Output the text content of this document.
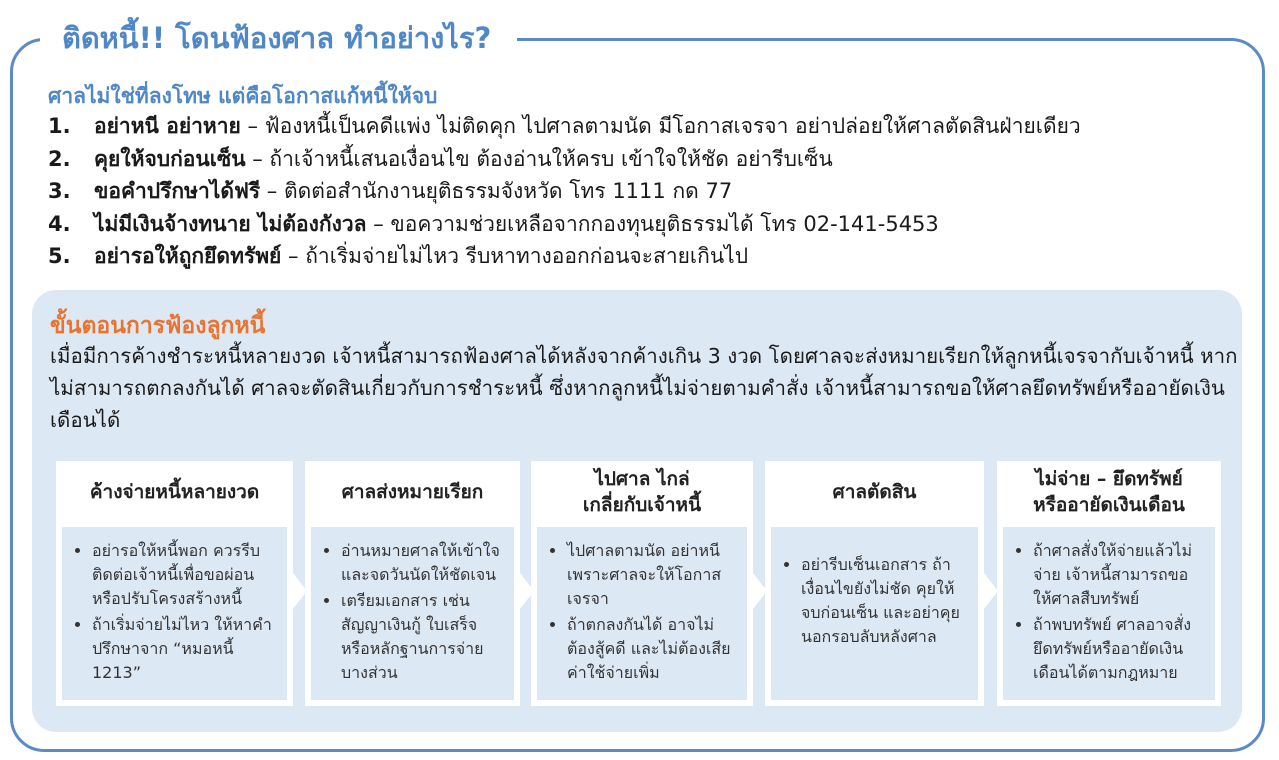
ติดหนี้!! โดนฟ้องศาล ทำอย่างไร?
ศาลไม่ใช่ที่ลงโทษ แต่คือโอกาสแก้หนี้ให้จบ
1.	อย่าหนี อย่าหาย – ฟ้องหนี้เป็นคดีแพ่ง ไม่ติดคุก ไปศาลตามนัด มีโอกาสเจรจา อย่าปล่อยให้ศาลตัดสินฝ่ายเดียว
2.	คุยให้จบก่อนเซ็น – ถ้าเจ้าหนี้เสนอเงื่อนไข ต้องอ่านให้ครบ เข้าใจให้ชัด อย่ารีบเซ็น
3.	ขอคำปรึกษาได้ฟรี – ติดต่อสำนักงานยุติธรรมจังหวัด โทร 1111 กด 77
4.	ไม่มีเงินจ้างทนาย ไม่ต้องกังวล – ขอความช่วยเหลือจากกองทุนยุติธรรมได้ โทร 02-141-5453
5.	อย่ารอให้ถูกยึดทรัพย์ – ถ้าเริ่มจ่ายไม่ไหว รีบหาทางออกก่อนจะสายเกินไป
ขั้นตอนการฟ้องลูกหนี้
เมื่อมีการค้างชำระหนี้หลายงวด เจ้าหนี้สามารถฟ้องศาลได้หลังจากค้างเกิน 3 งวด โดยศาลจะส่งหมายเรียกให้ลูกหนี้เจรจากับเจ้าหนี้ หากไม่สามารถตกลงกันได้ ศาลจะตัดสินเกี่ยวกับการชำระหนี้ ซึ่งหากลูกหนี้ไม่จ่ายตามคำสั่ง เจ้าหนี้สามารถขอให้ศาลยึดทรัพย์หรืออายัดเงินเดือนได้
ค้างจ่ายหนี้หลายงวด
• อย่ารอให้หนี้พอก ควรรีบติดต่อเจ้าหนี้เพื่อขอผ่อนหรือปรับโครงสร้างหนี้
• ถ้าเริ่มจ่ายไม่ไหว ให้หาคำปรึกษาจาก “หมอหนี้ 1213”
ศาลส่งหมายเรียก
• อ่านหมายศาลให้เข้าใจและจดวันนัดให้ชัดเจน
• เตรียมเอกสาร เช่น สัญญาเงินกู้ ใบเสร็จหรือหลักฐานการจ่ายบางส่วน
ไปศาล ไกล่เกลี่ยกับเจ้าหนี้
• ไปศาลตามนัด อย่าหนีเพราะศาลจะให้โอกาสเจรจา
• ถ้าตกลงกันได้ อาจไม่ต้องสู้คดี และไม่ต้องเสียค่าใช้จ่ายเพิ่ม
ศาลตัดสิน
• อย่ารีบเซ็นเอกสาร ถ้าเงื่อนไขยังไม่ชัด คุยให้จบก่อนเซ็น และอย่าคุยนอกรอบลับหลังศาล
ไม่จ่าย – ยึดทรัพย์ หรืออายัดเงินเดือน
• ถ้าศาลสั่งให้จ่ายแล้วไม่จ่าย เจ้าหนี้สามารถขอให้ศาลสืบทรัพย์
• ถ้าพบทรัพย์ ศาลอาจสั่งยึดทรัพย์หรืออายัดเงินเดือนได้ตามกฎหมาย
